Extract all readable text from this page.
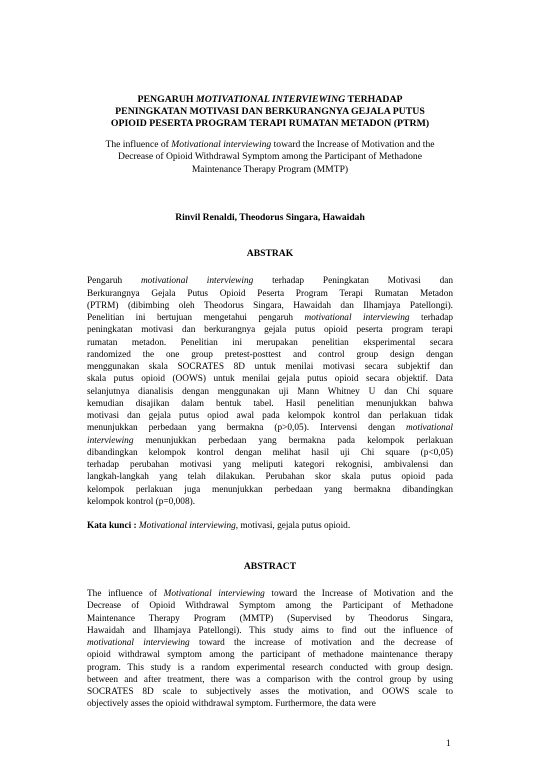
PENGARUH MOTIVATIONAL INTERVIEWING TERHADAP
PENINGKATAN MOTIVASI DAN BERKURANGNYA GEJALA PUTUS
OPIOID PESERTA PROGRAM TERAPI RUMATAN METADON (PTRM)

The influence of Motivational interviewing toward the Increase of Motivation and the
Decrease of Opioid Withdrawal Symptom among the Participant of Methadone
Maintenance Therapy Program (MMTP)

Rinvil Renaldi, Theodorus Singara, Hawaidah

ABSTRAK

Pengaruh motivational interviewing terhadap Peningkatan Motivasi dan
Berkurangnya Gejala Putus Opioid Peserta Program Terapi Rumatan Metadon
(PTRM) (dibimbing oleh Theodorus Singara, Hawaidah dan Ilhamjaya Patellongi).
Penelitian ini bertujuan mengetahui pengaruh motivational interviewing terhadap
peningkatan motivasi dan berkurangnya gejala putus opioid peserta program terapi
rumatan metadon. Penelitian ini merupakan penelitian eksperimental secara
randomized the one group pretest-posttest and control group design dengan
menggunakan skala SOCRATES 8D untuk menilai motivasi secara subjektif dan
skala putus opioid (OOWS) untuk menilai gejala putus opioid secara objektif. Data
selanjutnya dianalisis dengan menggunakan uji Mann Whitney U dan Chi square
kemudian disajikan dalam bentuk tabel. Hasil penelitian menunjukkan bahwa
motivasi dan gejala putus opiod awal pada kelompok kontrol dan perlakuan tidak
menunjukkan perbedaan yang bermakna (p>0,05). Intervensi dengan motivational
interviewing menunjukkan perbedaan yang bermakna pada kelompok perlakuan
dibandingkan kelompok kontrol dengan melihat hasil uji Chi square (p<0,05)
terhadap perubahan motivasi yang meliputi kategori rekognisi, ambivalensi dan
langkah-langkah yang telah dilakukan. Perubahan skor skala putus opioid pada
kelompok perlakuan juga menunjukkan perbedaan yang bermakna dibandingkan
kelompok kontrol (p=0,008).

Kata kunci : Motivational interviewing, motivasi, gejala putus opioid.

ABSTRACT

The influence of Motivational interviewing toward the Increase of Motivation and the
Decrease of Opioid Withdrawal Symptom among the Participant of Methadone
Maintenance Therapy Program (MMTP) (Supervised by Theodorus Singara,
Hawaidah and Ilhamjaya Patellongi). This study aims to find out the influence of
motivational interviewing toward the increase of motivation and the decrease of
opioid withdrawal symptom among the participant of methadone maintenance therapy
program. This study is a random experimental research conducted with group design.
between and after treatment, there was a comparison with the control group by using
SOCRATES 8D scale to subjectively asses the motivation, and OOWS scale to
objectively asses the opioid withdrawal symptom. Furthermore, the data were

1
